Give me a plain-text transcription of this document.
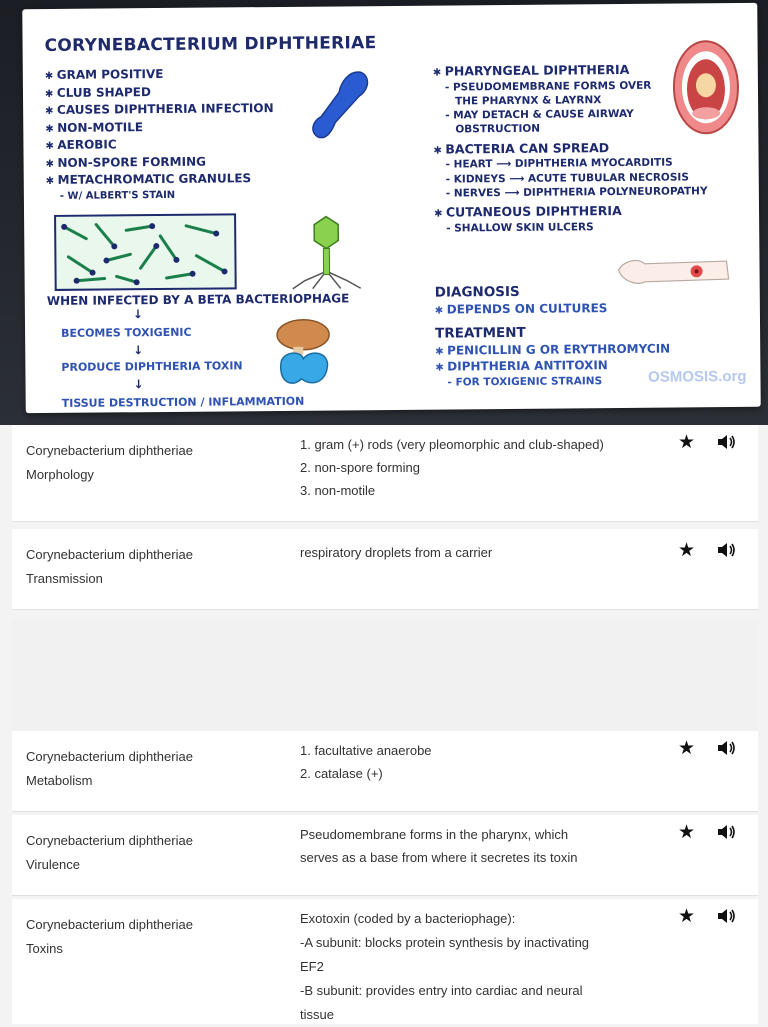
CORYNEBACTERIUM DIPHTHERIAE
✱ GRAM POSITIVE
✱ CLUB SHAPED
✱ CAUSES DIPHTHERIA INFECTION
✱ NON-MOTILE
✱ AEROBIC
✱ NON-SPORE FORMING
✱ METACHROMATIC GRANULES
- W/ ALBERT'S STAIN
WHEN INFECTED BY A BETA BACTERIOPHAGE
↓
BECOMES TOXIGENIC
↓
PRODUCE DIPHTHERIA TOXIN
↓
TISSUE DESTRUCTION / INFLAMMATION
✱ PHARYNGEAL DIPHTHERIA
- PSEUDOMEMBRANE FORMS OVER
THE PHARYNX & LAYRNX
- MAY DETACH & CAUSE AIRWAY
OBSTRUCTION
✱ BACTERIA CAN SPREAD
- HEART ⟶ DIPHTHERIA MYOCARDITIS
- KIDNEYS ⟶ ACUTE TUBULAR NECROSIS
- NERVES ⟶ DIPHTHERIA POLYNEUROPATHY
✱ CUTANEOUS DIPHTHERIA
- SHALLOW SKIN ULCERS
DIAGNOSIS
✱ DEPENDS ON CULTURES
TREATMENT
✱ PENICILLIN G OR ERYTHROMYCIN
✱ DIPHTHERIA ANTITOXIN
- FOR TOXIGENIC STRAINS	OSMOSIS.org
Corynebacterium diphtheriae
Morphology
1. gram (+) rods (very pleomorphic and club-shaped)
2. non-spore forming
3. non-motile
★
Corynebacterium diphtheriae
Transmission
respiratory droplets from a carrier	★
Corynebacterium diphtheriae
Metabolism
1. facultative anaerobe
2. catalase (+)
★
Corynebacterium diphtheriae
Virulence
Pseudomembrane forms in the pharynx, which
serves as a base from where it secretes its toxin
★
Corynebacterium diphtheriae
Toxins
Exotoxin (coded by a bacteriophage):
-A subunit: blocks protein synthesis by inactivating
EF2
-B subunit: provides entry into cardiac and neural
tissue
★
